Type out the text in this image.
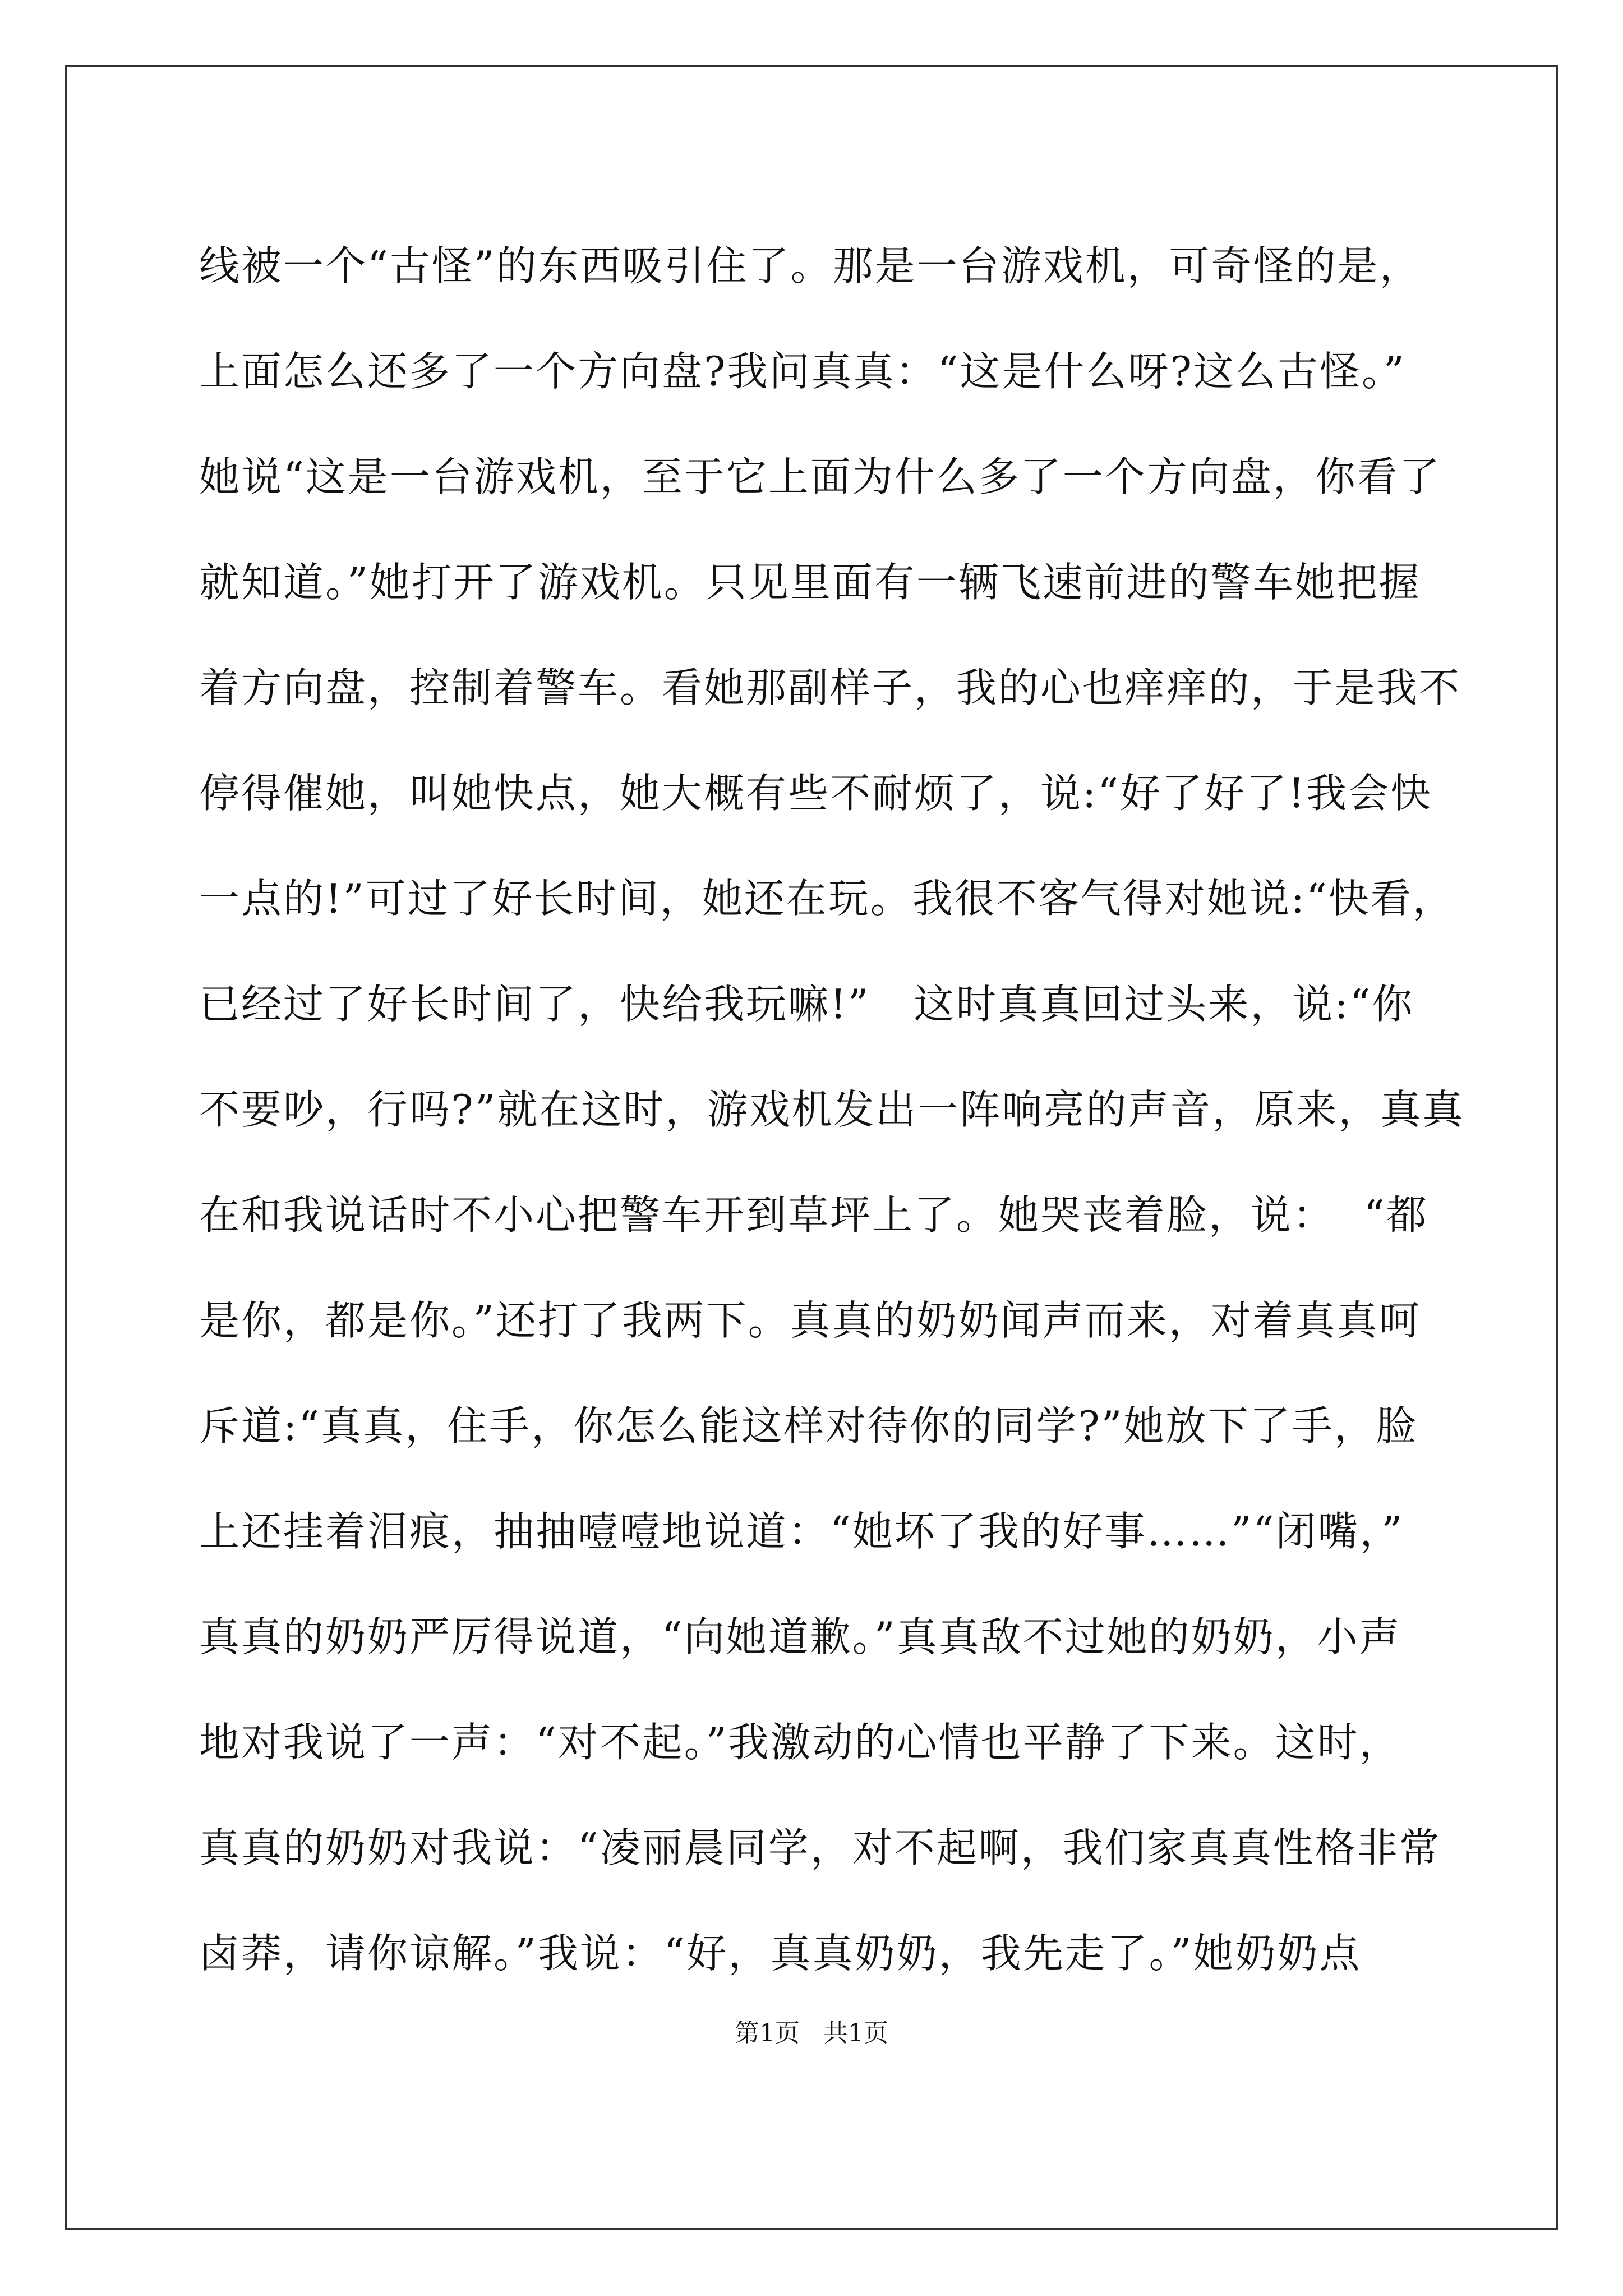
线被一个“古怪”的东西吸引住了。那是一台游戏机，可奇怪的是，
上面怎么还多了一个方向盘?我问真真：“这是什么呀?这么古怪。”
她说“这是一台游戏机，至于它上面为什么多了一个方向盘，你看了
就知道。”她打开了游戏机。只见里面有一辆飞速前进的警车她把握
着方向盘，控制着警车。看她那副样子，我的心也痒痒的，于是我不
停得催她，叫她快点，她大概有些不耐烦了，说:“好了好了!我会快
一点的!”可过了好长时间，她还在玩。我很不客气得对她说:“快看，
已经过了好长时间了，快给我玩嘛!”   这时真真回过头来，说:“你
不要吵，行吗?”就在这时，游戏机发出一阵响亮的声音，原来，真真
在和我说话时不小心把警车开到草坪上了。她哭丧着脸，说：  “都
是你，都是你。”还打了我两下。真真的奶奶闻声而来，对着真真呵
斥道:“真真，住手，你怎么能这样对待你的同学?”她放下了手，脸
上还挂着泪痕，抽抽噎噎地说道：“她坏了我的好事……”“闭嘴，”
真真的奶奶严厉得说道，“向她道歉。”真真敌不过她的奶奶，小声
地对我说了一声：“对不起。”我激动的心情也平静了下来。这时，
真真的奶奶对我说：“凌丽晨同学，对不起啊，我们家真真性格非常
卤莽，请你谅解。”我说：“好，真真奶奶，我先走了。”她奶奶点
第1页   共1页
